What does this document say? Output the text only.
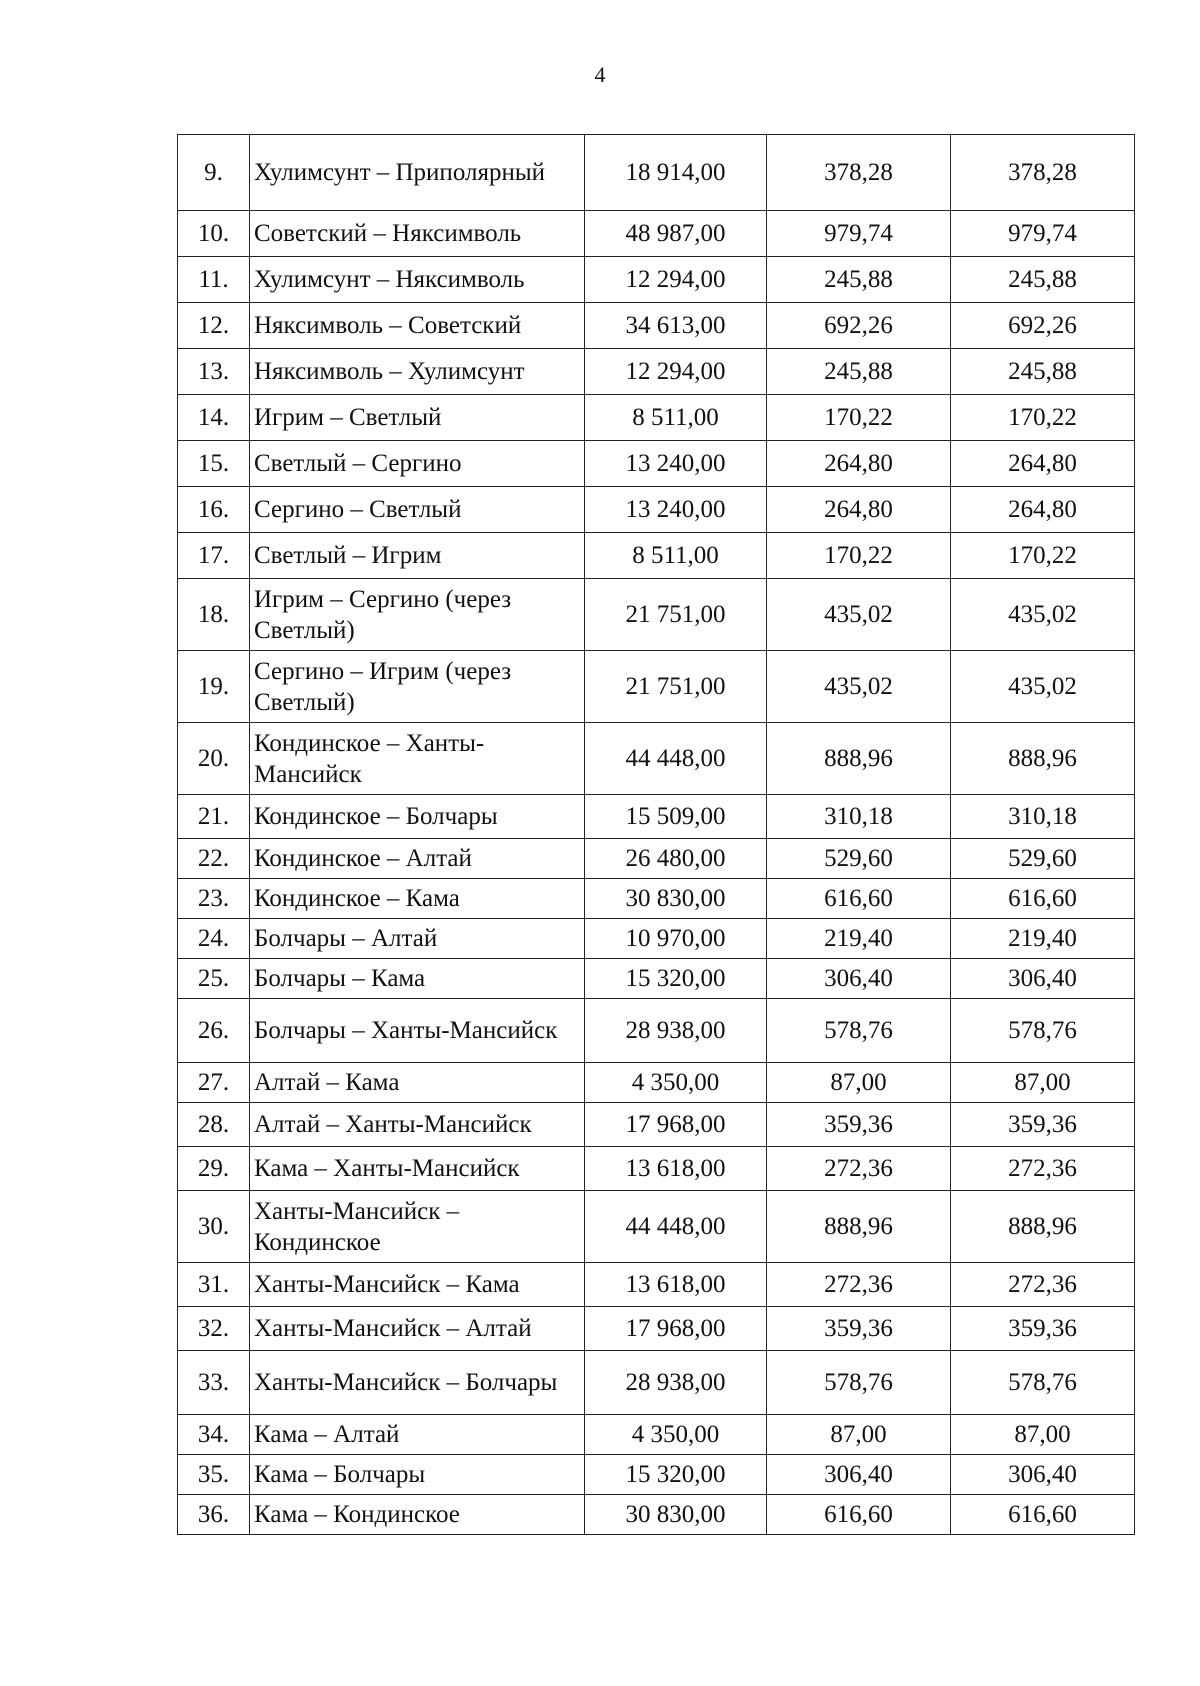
4
9.	Хулимсунт – Приполярный	18 914,00	378,28	378,28
10.	Советский – Няксимволь	48 987,00	979,74	979,74
11.	Хулимсунт – Няксимволь	12 294,00	245,88	245,88
12.	Няксимволь – Советский	34 613,00	692,26	692,26
13.	Няксимволь – Хулимсунт	12 294,00	245,88	245,88
14.	Игрим – Светлый	8 511,00	170,22	170,22
15.	Светлый – Сергино	13 240,00	264,80	264,80
16.	Сергино – Светлый	13 240,00	264,80	264,80
17.	Светлый – Игрим	8 511,00	170,22	170,22
18.	Игрим – Сергино (через Светлый)	21 751,00	435,02	435,02
19.	Сергино – Игрим (через Светлый)	21 751,00	435,02	435,02
20.	Кондинское – Ханты-Мансийск	44 448,00	888,96	888,96
21.	Кондинское – Болчары	15 509,00	310,18	310,18
22.	Кондинское – Алтай	26 480,00	529,60	529,60
23.	Кондинское – Кама	30 830,00	616,60	616,60
24.	Болчары – Алтай	10 970,00	219,40	219,40
25.	Болчары – Кама	15 320,00	306,40	306,40
26.	Болчары – Ханты-Мансийск	28 938,00	578,76	578,76
27.	Алтай – Кама	4 350,00	87,00	87,00
28.	Алтай – Ханты-Мансийск	17 968,00	359,36	359,36
29.	Кама – Ханты-Мансийск	13 618,00	272,36	272,36
30.	Ханты-Мансийск – Кондинское	44 448,00	888,96	888,96
31.	Ханты-Мансийск – Кама	13 618,00	272,36	272,36
32.	Ханты-Мансийск – Алтай	17 968,00	359,36	359,36
33.	Ханты-Мансийск – Болчары	28 938,00	578,76	578,76
34.	Кама – Алтай	4 350,00	87,00	87,00
35.	Кама – Болчары	15 320,00	306,40	306,40
36.	Кама – Кондинское	30 830,00	616,60	616,60
